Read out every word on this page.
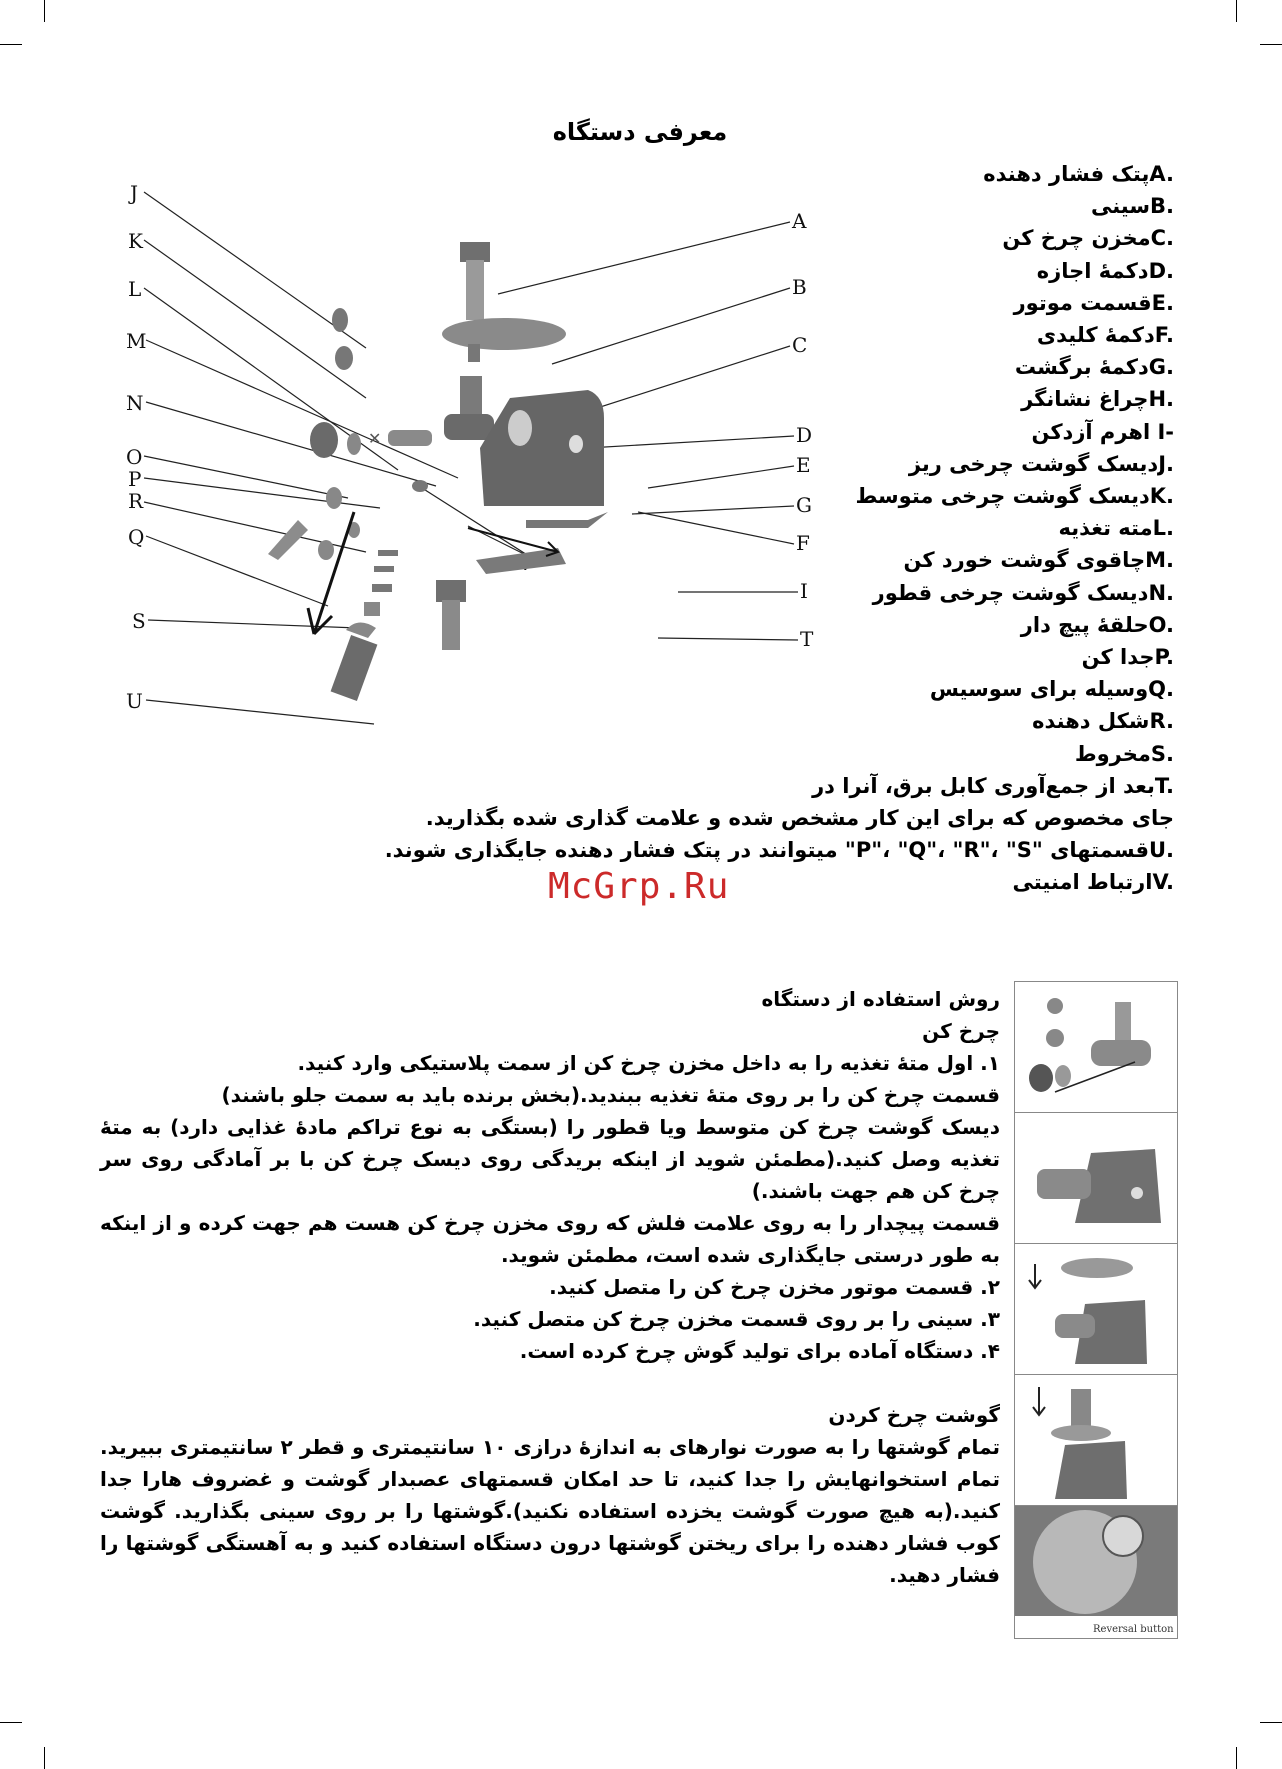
معرفی دستگاه
J
K
L
M
N
O
P
R
Q
S
U
A
B
C
D
E
G
F
I
T
✕
A.پتک فشار دهنده
B.سینی
C.مخزن چرخ کن
D.دکمهٔ اجازه
E.قسمت موتور
F.دکمهٔ کلیدی
G.دکمهٔ برگشت
H.چراغ نشانگر
I- اهرم آزدکن
J.دیسک گوشت چرخی ریز
K.دیسک گوشت چرخی متوسط
L.مته تغذیه
M.چاقوی گوشت خورد کن
N.دیسک گوشت چرخی قطور
O.حلقهٔ پیچ دار
P.جدا کن
Q.وسیله برای سوسیس
R.شکل دهنده
S.مخروط
T.بعد از جمع‌آوری کابل برق، آنرا در
جای مخصوص که برای این کار مشخص شده و علامت گذاری شده بگذارید.
U.قسمتهای "P"، "Q"، "R"، "S" میتوانند در پتک فشار دهنده جایگذاری شوند.
V.ارتباط امنیتی
McGrp.Ru

روش استفاده از دستگاه

چرخ کن

۱. اول متهٔ تغذیه را به داخل مخزن چرخ کن از سمت پلاستیکی وارد کنید.

قسمت چرخ کن را بر روی متهٔ تغذیه ببندید.(بخش برنده باید به سمت جلو باشند)

دیسک گوشت چرخ کن متوسط ویا قطور را (بستگی به نوع تراکم مادهٔ غذایی دارد) به متهٔ تغذیه وصل کنید.(مطمئن شوید از اینکه بریدگی روی دیسک چرخ کن با بر آمادگی روی سر چرخ کن هم جهت باشند.)

قسمت پیچدار را به روی علامت فلش که روی مخزن چرخ کن هست هم جهت کرده و از اینکه به طور درستی جایگذاری شده است، مطمئن شوید.

۲. قسمت موتور مخزن چرخ کن را متصل کنید.

۳. سینی را بر روی قسمت مخزن چرخ کن متصل کنید.

۴. دستگاه آماده برای تولید گوش چرخ کرده است.

گوشت چرخ کردن

تمام گوشتها را به صورت نوارهای به اندازهٔ درازی ۱۰ سانتیمتری و قطر ۲ سانتیمتری ببیرید. تمام استخوانهایش را جدا کنید، تا حد امکان قسمتهای عصبدار گوشت و غضروف هارا جدا کنید.(به هیچ صورت گوشت یخزده استفاده نکنید).گوشتها را بر روی سینی بگذارید. گوشت کوب فشار دهنده را برای ریختن گوشتها درون دستگاه استفاده کنید و به آهستگی گوشتها را فشار دهید.

Reversal button
